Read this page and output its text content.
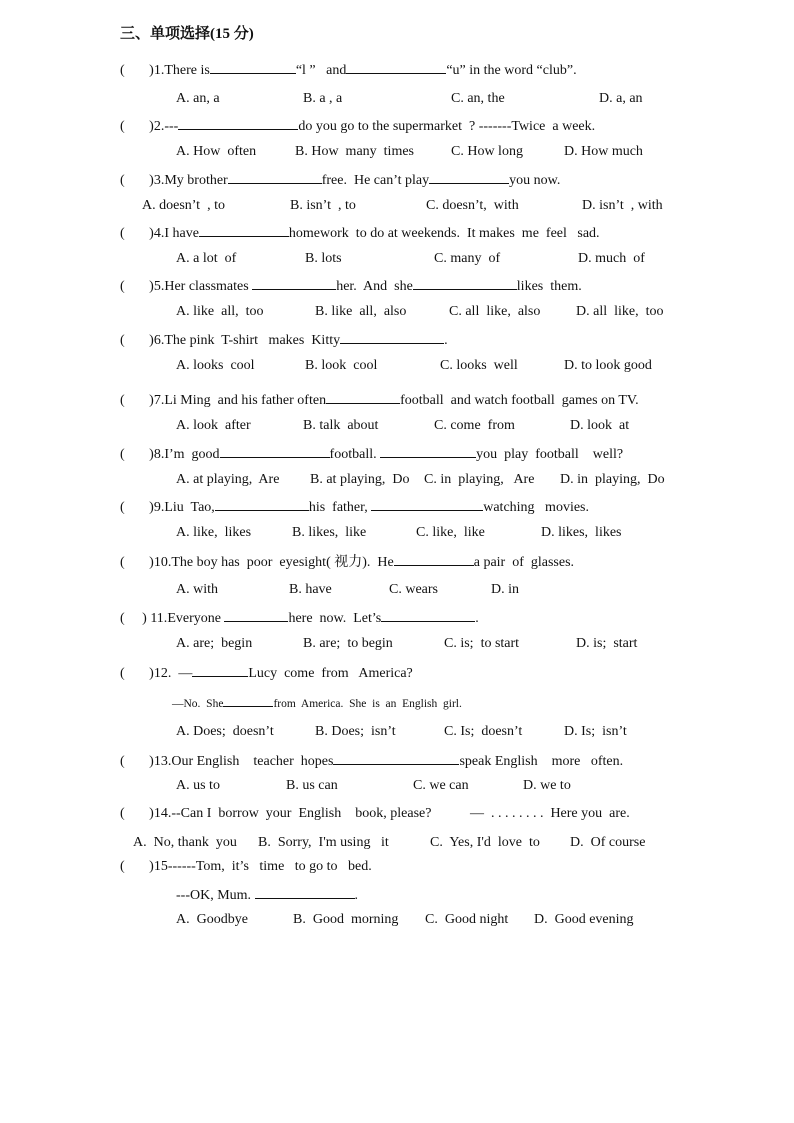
三、单项选择(15 分)
(       )1.There is	“l ”   and	“u” in the word “club”.
A. an, a	B. a , a	C. an, the	D. a, an
(       )2.---	do you go to the supermarket  ? -------Twice  a week.
A. How  often	B. How  many  times	C. How long	D. How much
(       )3.My brother	free.  He can’t play	you now.
A. doesn’t  , to	B. isn’t  , to	C. doesn’t,  with	D. isn’t  , with
(       )4.I have	homework  to do at weekends.  It makes  me  feel   sad.
A. a lot  of	B. lots	C. many  of	D. much  of
(       )5.Her classmates	her.  And  she	likes  them.
A. like  all,  too	B. like  all,  also	C. all  like,  also	D. all  like,  too
(       )6.The pink  T-shirt   makes  Kitty	.
A. looks  cool	B. look  cool	C. looks  well	D. to look good
(       )7.Li Ming  and his father often	football  and watch football  games on TV.
A. look  after	B. talk  about	C. come  from	D. look  at
(       )8.I’m  good	football.	you  play  football    well?
A. at playing,  Are B. at playing,  Do C. in  playing,   Are D. in  playing,  Do
(       )9.Liu  Tao,	his  father,	watching   movies.
A. like,  likes	B. likes,  like	C. like,  like	D. likes,  likes
(       )10.The boy has  poor  eyesight( 视力).  He	a pair  of  glasses.
A. with	B. have	C. wears	D. in
(     ) 11.Everyone	here  now.  Let’s	.
A. are;  begin	B. are;  to begin	C. is;  to start	D. is;  start
(       )12.  —	Lucy  come  from   America?
—No.  She	from  America.  She  is  an  English  girl.
A. Does;  doesn’t	B. Does;  isn’t	C. Is;  doesn’t	D. Is;  isn’t
(       )13.Our English    teacher  hopes	speak English    more   often.
A. us to	B. us can	C. we can	D. we to
(       )14.--Can I  borrow  your  English    book, please?           —  . . . . . . . .  Here you  are.
A.  No, thank  you B.  Sorry,  I'm using   it	C.  Yes, I'd  love  to D.  Of course
(       )15------Tom,  it’s   time   to go to   bed.
---OK, Mum.	.
A.  Goodbye	B.  Good  morning C.  Good night D.  Good evening
